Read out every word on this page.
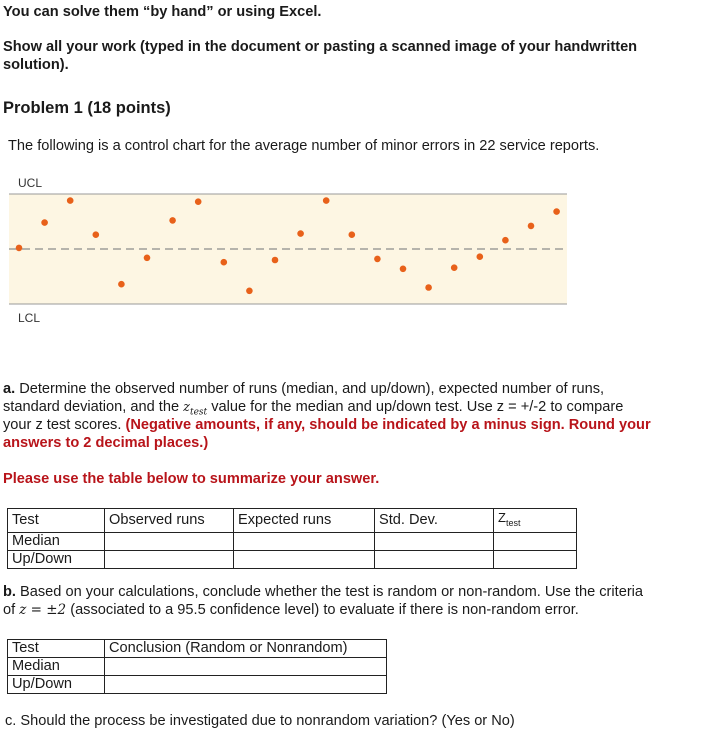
You can solve them “by hand” or using Excel.
Show all your work (typed in the document or pasting a scanned image of your handwritten
solution).
Problem 1 (18 points)
The following is a control chart for the average number of minor errors in 22 service reports.
UCL
LCL
a. Determine the observed number of runs (median, and up/down), expected number of runs,
standard deviation, and the $z_{test}$ value for the median and up/down test. Use z = +/-2 to compare
your z test scores. (Negative amounts, if any, should be indicated by a minus sign. Round your
answers to 2 decimal places.)
Please use the table below to summarize your answer.
Test	Observed runs	Expected runs	Std. Dev.	$Z_{test}$
Median				
Up/Down				
b. Based on your calculations, conclude whether the test is random or non-random. Use the criteria
of z = ±2 (associated to a 95.5 confidence level) to evaluate if there is non-random error.
Test	Conclusion (Random or Nonrandom)
Median	
Up/Down	
c. Should the process be investigated due to nonrandom variation? (Yes or No)
